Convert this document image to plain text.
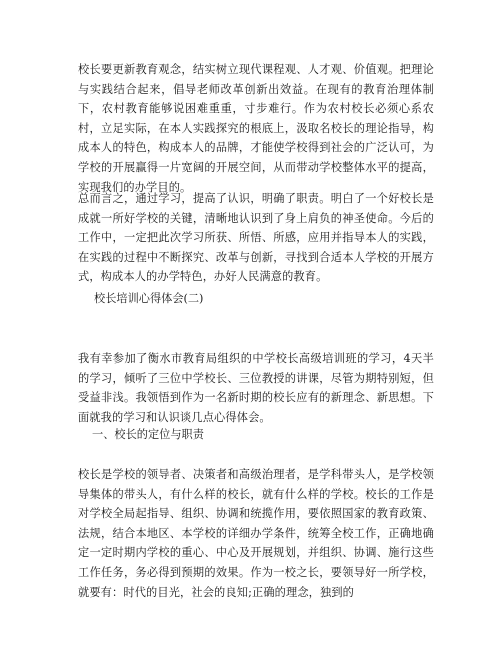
校长要更新教育观念，结实树立现代课程观、人才观、价值观。把理论与实践结合起来，倡导老师改革创新出效益。在现有的教育治理体制下，农村教育能够说困难重重，寸步难行。作为农村校长必须心系农村，立足实际，在本人实践探究的根底上，汲取名校长的理论指导，构成本人的特色，构成本人的品牌，才能使学校得到社会的广泛认可，为学校的开展赢得一片宽阔的开展空间，从而带动学校整体水平的提高，实现我们的办学目的。

总而言之，通过学习，提高了认识，明确了职责。明白了一个好校长是成就一所好学校的关键，清晰地认识到了身上肩负的神圣使命。今后的工作中，一定把此次学习所获、所悟、所感，应用并指导本人的实践，在实践的过程中不断探究、改革与创新，寻找到合适本人学校的开展方式，构成本人的办学特色，办好人民满意的教育。

校长培训心得体会(二)

我有幸参加了衡水市教育局组织的中学校长高级培训班的学习，4天半的学习，倾听了三位中学校长、三位教授的讲课，尽管为期特别短，但受益非浅。我领悟到作为一名新时期的校长应有的新理念、新思想。下面就我的学习和认识谈几点心得体会。

一、校长的定位与职责

校长是学校的领导者、决策者和高级治理者，是学科带头人，是学校领导集体的带头人，有什么样的校长，就有什么样的学校。校长的工作是对学校全局起指导、组织、协调和统揽作用，要依照国家的教育政策、法规，结合本地区、本学校的详细办学条件，统筹全校工作，正确地确定一定时期内学校的重心、中心及开展规划，并组织、协调、施行这些工作任务，务必得到预期的效果。作为一校之长，要领导好一所学校，就要有：时代的目光，社会的良知;正确的理念，独到的
